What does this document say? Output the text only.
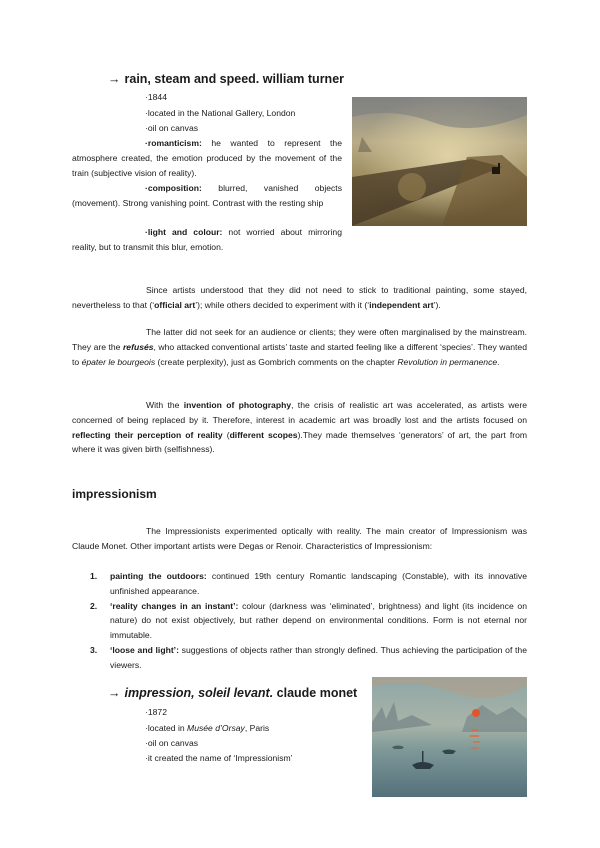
→ rain, steam and speed. william turner
·1844
·located in the National Gallery, London
·oil on canvas
·romanticism: he wanted to represent the atmosphere created, the emotion produced by the movement of the train (subjective vision of reality).
·composition: blurred, vanished objects (movement). Strong vanishing point. Contrast with the resting ship
·light and colour: not worried about mirroring reality, but to transmit this blur, emotion.

Since artists understood that they did not need to stick to traditional painting, some stayed, nevertheless to that (‘official art’); while others decided to experiment with it (‘independent art’).

The latter did not seek for an audience or clients; they were often marginalised by the mainstream. They are the refusés, who attacked conventional artists’ taste and started feeling like a different ‘species’. They wanted to épater le bourgeois (create perplexity), just as Gombrich comments on the chapter Revolution in permanence.

With the invention of photography, the crisis of realistic art was accelerated, as artists were concerned of being replaced by it. Therefore, interest in academic art was broadly lost and the artists focused on reflecting their perception of reality (different scopes).They made themselves ‘generators’ of art, the part from where it was given birth (selfishness).

impressionism

The Impressionists experimented optically with reality. The main creator of Impressionism was Claude Monet. Other important artists were Degas or Renoir. Characteristics of Impressionism:

1. painting the outdoors: continued 19th century Romantic landscaping (Constable), with its innovative unfinished appearance.
2. ‘reality changes in an instant’: colour (darkness was ‘eliminated’, brightness) and light (its incidence on nature) do not exist objectively, but rather depend on environmental conditions. Form is not eternal nor immutable.
3. ‘loose and light’: suggestions of objects rather than strongly defined. Thus achieving the participation of the viewers.
→ impression, soleil levant. claude monet
·1872
·located in Musée d’Orsay, Paris
·oil on canvas
·it created the name of ‘Impressionism’
